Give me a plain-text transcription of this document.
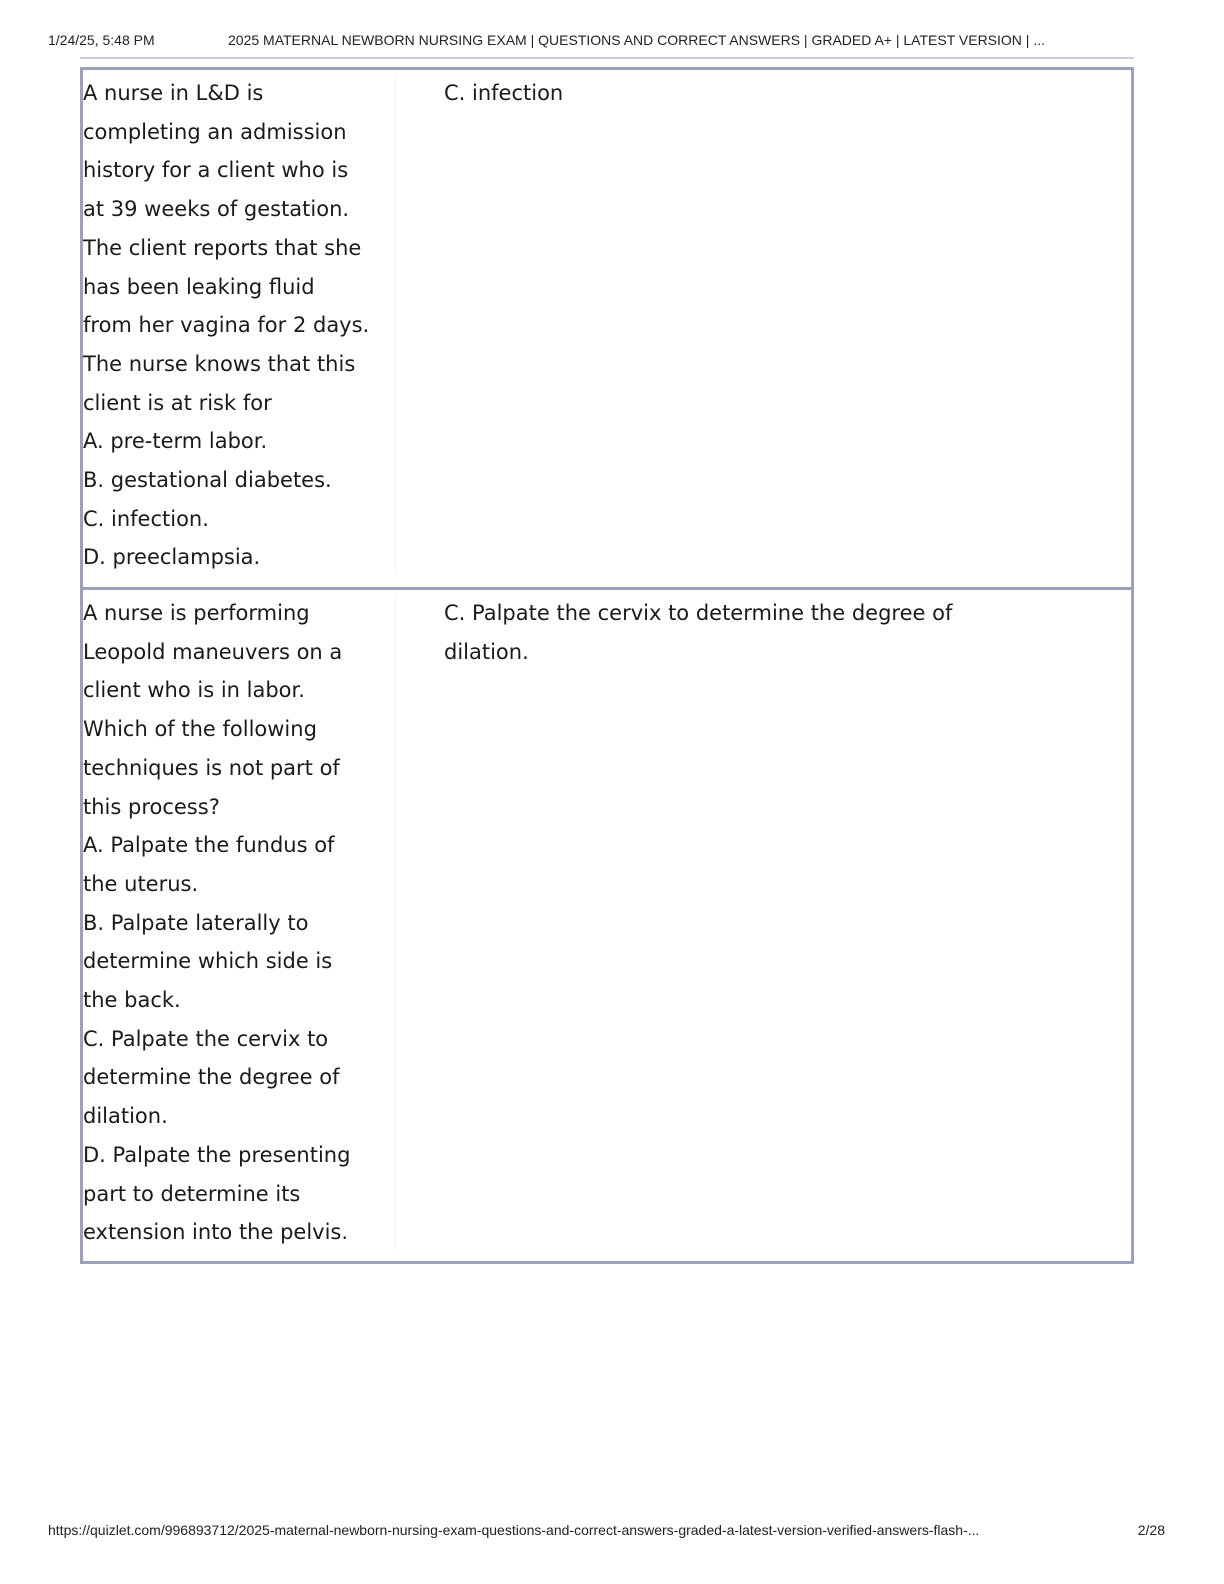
1/24/25, 5:48 PM	2025 MATERNAL NEWBORN NURSING EXAM | QUESTIONS AND CORRECT ANSWERS | GRADED A+ | LATEST VERSION | ...
A nurse in L&D is
completing an admission
history for a client who is
at 39 weeks of gestation.
The client reports that she
has been leaking fluid
from her vagina for 2 days.
The nurse knows that this
client is at risk for
A. pre-term labor.
B. gestational diabetes.
C. infection.
D. preeclampsia.
C. infection
A nurse is performing
Leopold maneuvers on a
client who is in labor.
Which of the following
techniques is not part of
this process?
A. Palpate the fundus of
the uterus.
B. Palpate laterally to
determine which side is
the back.
C. Palpate the cervix to
determine the degree of
dilation.
D. Palpate the presenting
part to determine its
extension into the pelvis.
C. Palpate the cervix to determine the degree of
dilation.
https://quizlet.com/996893712/2025-maternal-newborn-nursing-exam-questions-and-correct-answers-graded-a-latest-version-verified-answers-flash-...	2/28
